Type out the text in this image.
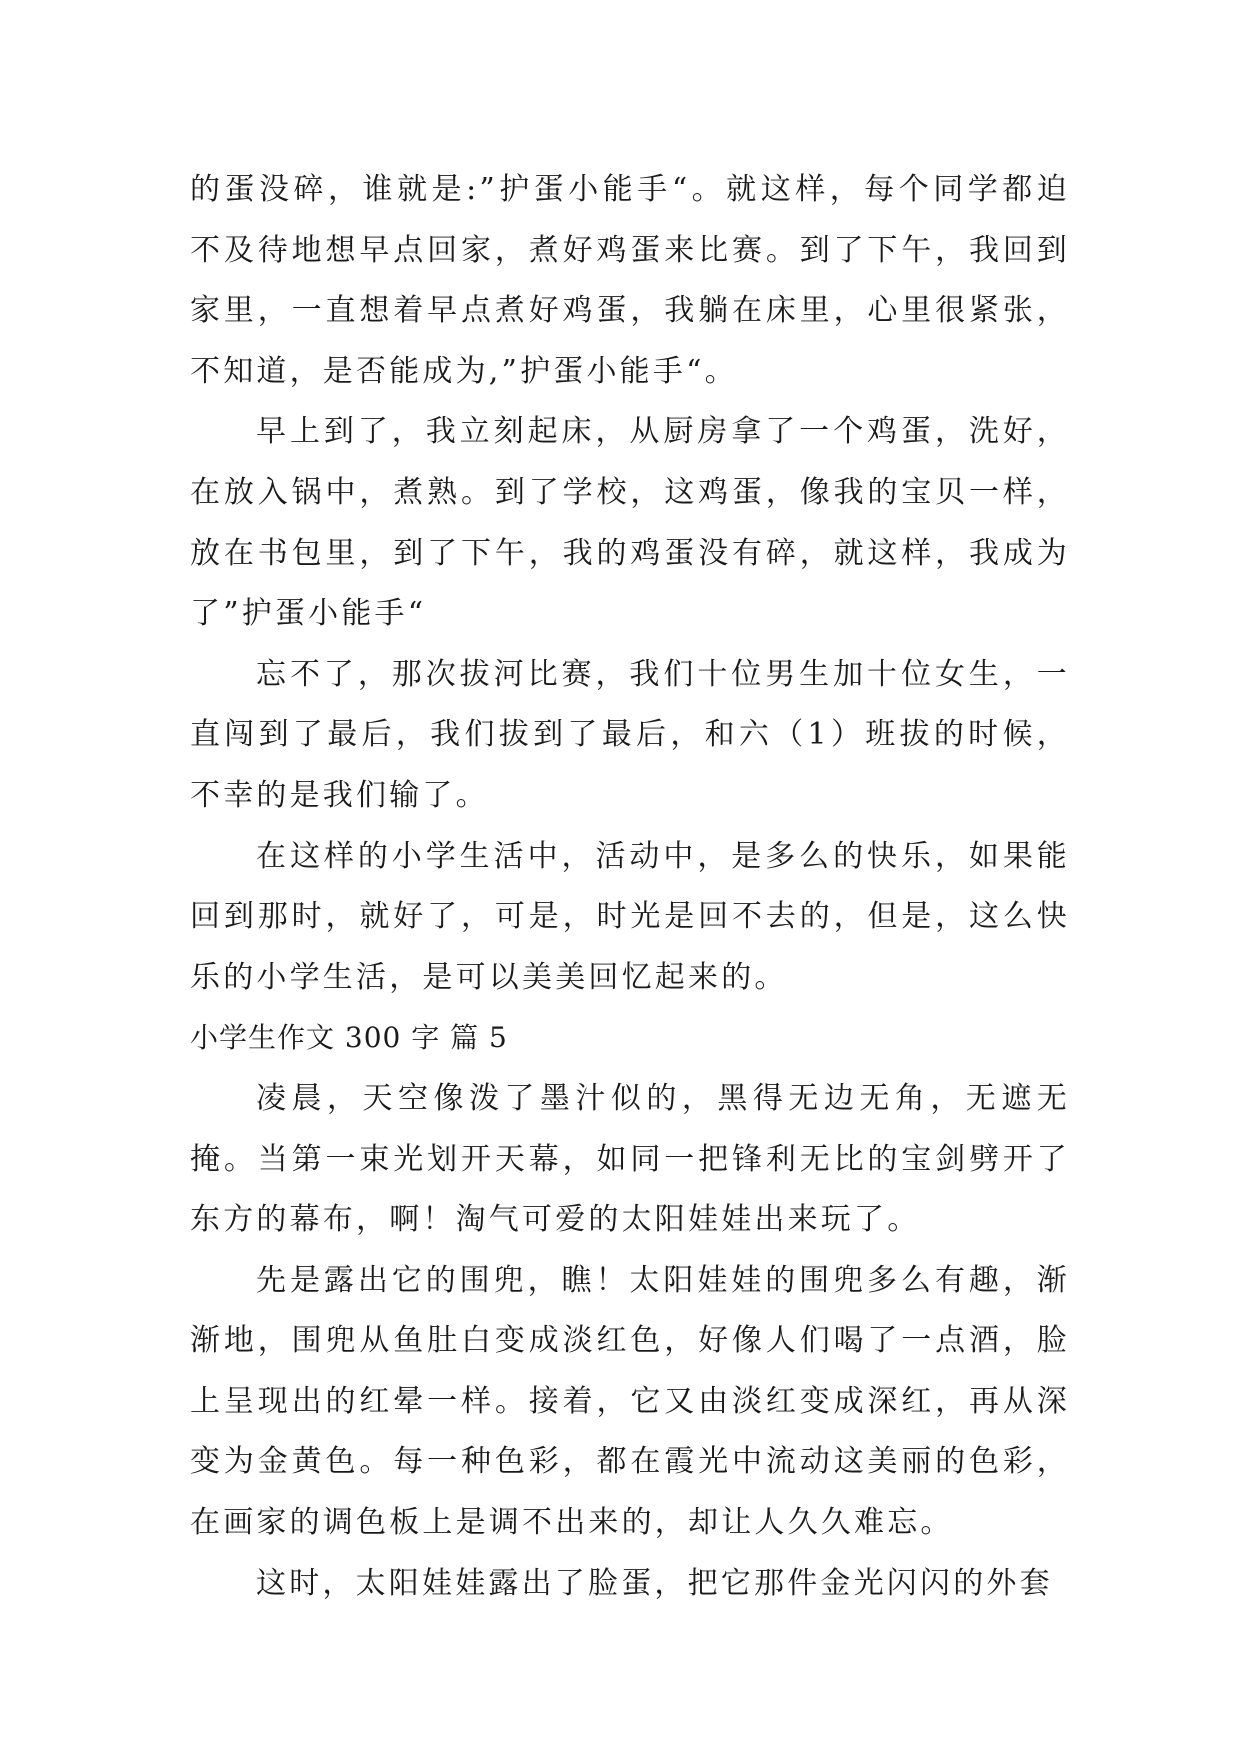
的蛋没碎，谁就是:”护蛋小能手“。就这样，每个同学都迫不及待地想早点回家，煮好鸡蛋来比赛。到了下午，我回到家里，一直想着早点煮好鸡蛋，我躺在床里，心里很紧张，不知道，是否能成为,”护蛋小能手“。

早上到了，我立刻起床，从厨房拿了一个鸡蛋，洗好，在放入锅中，煮熟。到了学校，这鸡蛋，像我的宝贝一样，放在书包里，到了下午，我的鸡蛋没有碎，就这样，我成为了”护蛋小能手“

忘不了，那次拔河比赛，我们十位男生加十位女生，一直闯到了最后，我们拔到了最后，和六（1）班拔的时候，不幸的是我们输了。

在这样的小学生活中，活动中，是多么的快乐，如果能回到那时，就好了，可是，时光是回不去的，但是，这么快乐的小学生活，是可以美美回忆起来的。

小学生作文 300 字 篇 5

凌晨，天空像泼了墨汁似的，黑得无边无角，无遮无掩。当第一束光划开天幕，如同一把锋利无比的宝剑劈开了东方的幕布，啊！淘气可爱的太阳娃娃出来玩了。

先是露出它的围兜，瞧！太阳娃娃的围兜多么有趣，渐渐地，围兜从鱼肚白变成淡红色，好像人们喝了一点酒，脸上呈现出的红晕一样。接着，它又由淡红变成深红，再从深变为金黄色。每一种色彩，都在霞光中流动这美丽的色彩，在画家的调色板上是调不出来的，却让人久久难忘。

这时，太阳娃娃露出了脸蛋，把它那件金光闪闪的外套
